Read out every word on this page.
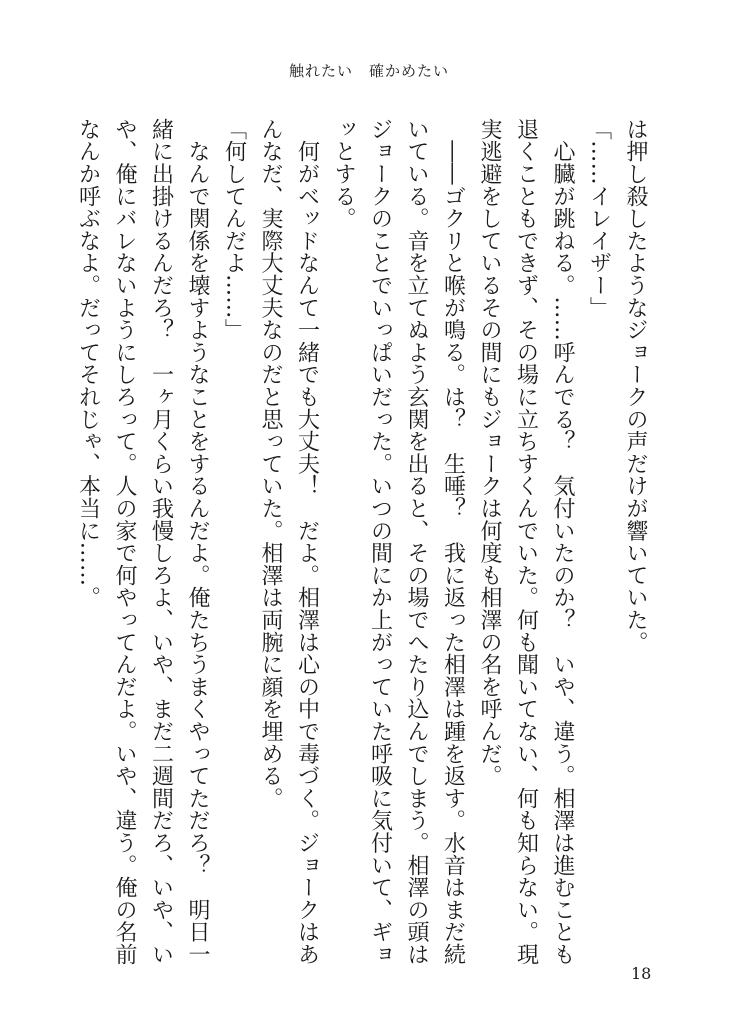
触れたい　確かめたい

は押し殺したようなジョークの声だけが響いていた。

「……イレイザー」

　心臓が跳ねる。……呼んでる？　気付いたのか？　いや、違う。相澤は進むことも

退くこともできず、その場に立ちすくんでいた。何も聞いてない、何も知らない。現

実逃避をしているその間にもジョークは何度も相澤の名を呼んだ。

　――ゴクリと喉が鳴る。は？　生唾？　我に返った相澤は踵を返す。水音はまだ続

いている。音を立てぬよう玄関を出ると、その場でへたり込んでしまう。相澤の頭は

ジョークのことでいっぱいだった。いつの間にか上がっていた呼吸に気付いて、ギョ

ッとする。

　何がベッドなんて一緒でも大丈夫！　だよ。相澤は心の中で毒づく。ジョークはあ

んなだ、実際大丈夫なのだと思っていた。相澤は両腕に顔を埋める。

「何してんだよ……」

　なんで関係を壊すようなことをするんだよ。俺たちうまくやってただろ？　明日一

緒に出掛けるんだろ？　一ヶ月くらい我慢しろよ、いや、まだ二週間だろ、いや、い

や、俺にバレないようにしろって。人の家で何やってんだよ。いや、違う。俺の名前

なんか呼ぶなよ。だってそれじゃ、本当に……。

18
